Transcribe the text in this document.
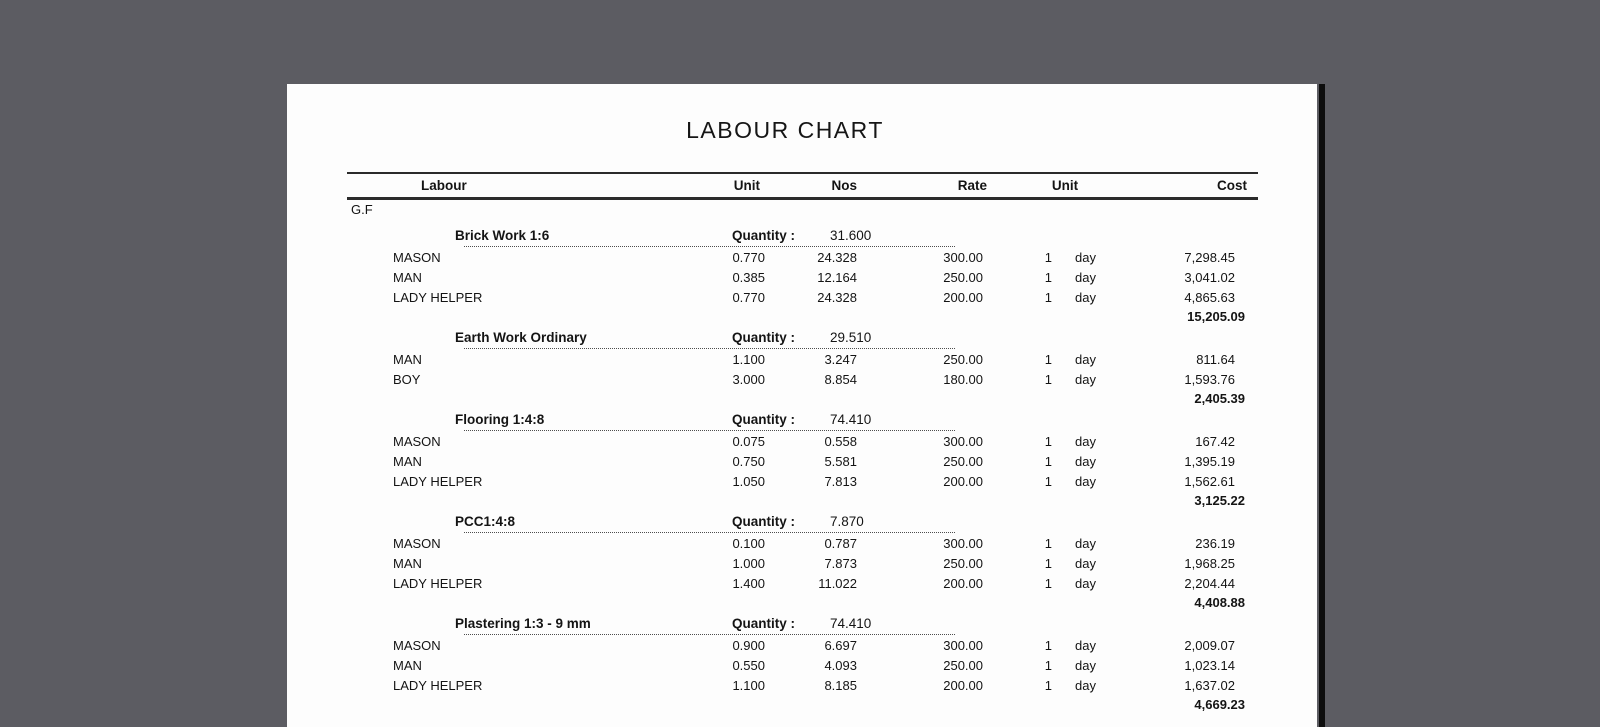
LABOUR CHART
Labour	Unit	Nos	Rate	Unit	Cost
G.F
Brick Work 1:6	Quantity :	31.600
MASON	0.770	24.328	300.00	1	day	7,298.45
MAN	0.385	12.164	250.00	1	day	3,041.02
LADY HELPER	0.770	24.328	200.00	1	day	4,865.63
15,205.09
Earth Work Ordinary	Quantity :	29.510
MAN	1.100	3.247	250.00	1	day	811.64
BOY	3.000	8.854	180.00	1	day	1,593.76
2,405.39
Flooring 1:4:8	Quantity :	74.410
MASON	0.075	0.558	300.00	1	day	167.42
MAN	0.750	5.581	250.00	1	day	1,395.19
LADY HELPER	1.050	7.813	200.00	1	day	1,562.61
3,125.22
PCC1:4:8	Quantity :	7.870
MASON	0.100	0.787	300.00	1	day	236.19
MAN	1.000	7.873	250.00	1	day	1,968.25
LADY HELPER	1.400	11.022	200.00	1	day	2,204.44
4,408.88
Plastering 1:3 - 9 mm	Quantity :	74.410
MASON	0.900	6.697	300.00	1	day	2,009.07
MAN	0.550	4.093	250.00	1	day	1,023.14
LADY HELPER	1.100	8.185	200.00	1	day	1,637.02
4,669.23
